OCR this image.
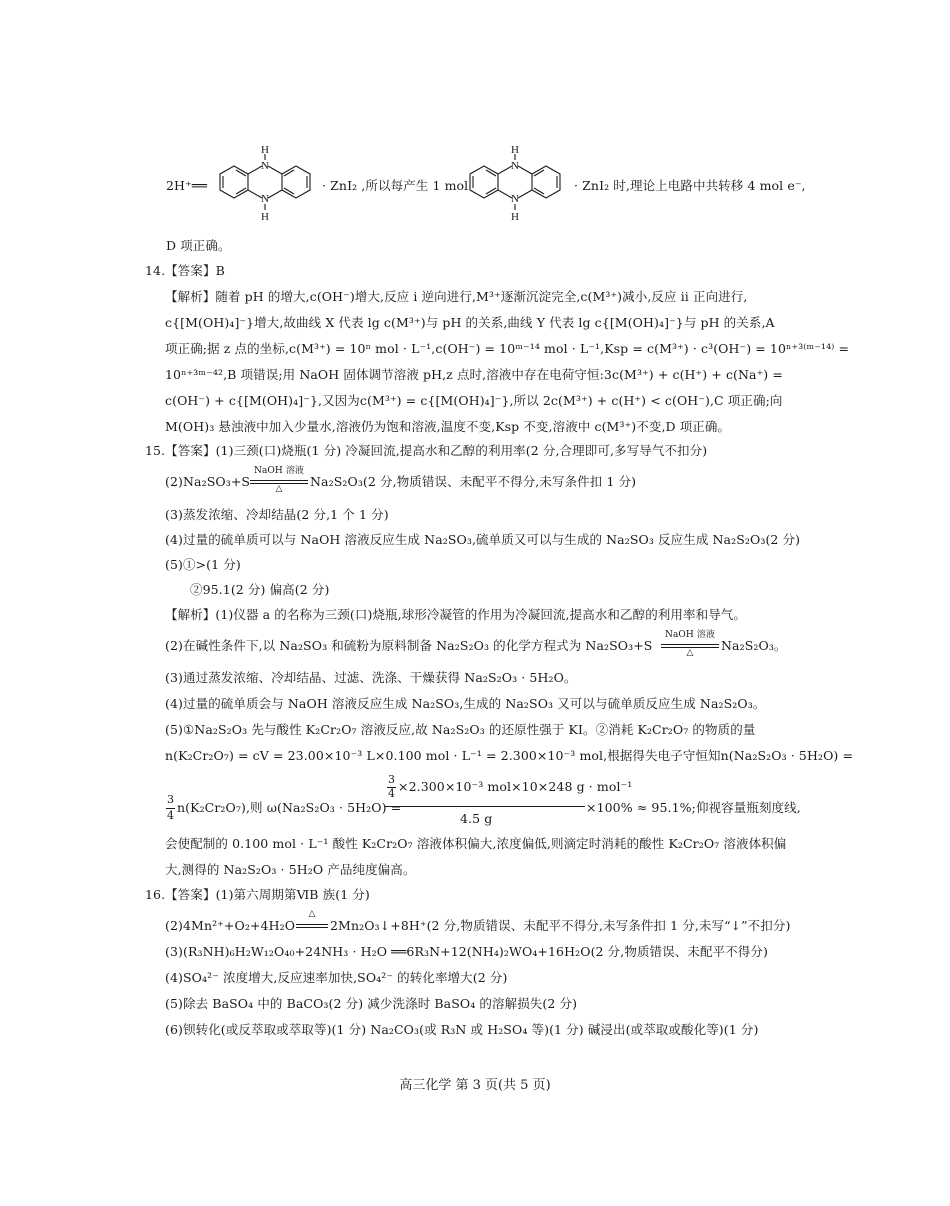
2H⁺══
H
N
N
H
· ZnI₂ ,所以每产生 1 mol
H
N
N
H
· ZnI₂ 时,理论上电路中共转移 4 mol e⁻,
D 项正确。
14.【答案】B
【解析】随着 pH 的增大,c(OH⁻)增大,反应 i 逆向进行,M³⁺逐渐沉淀完全,c(M³⁺)减小,反应 ii 正向进行,
c{[M(OH)₄]⁻}增大,故曲线 X 代表 lg c(M³⁺)与 pH 的关系,曲线 Y 代表 lg c{[M(OH)₄]⁻}与 pH 的关系,A
项正确;据 z 点的坐标,c(M³⁺) = 10ⁿ mol · L⁻¹,c(OH⁻) = 10ᵐ⁻¹⁴ mol · L⁻¹,Ksp = c(M³⁺) · c³(OH⁻) = 10ⁿ⁺³⁽ᵐ⁻¹⁴⁾ =
10ⁿ⁺³ᵐ⁻⁴²,B 项错误;用 NaOH 固体调节溶液 pH,z 点时,溶液中存在电荷守恒:3c(M³⁺) + c(H⁺) + c(Na⁺) =
c(OH⁻) + c{[M(OH)₄]⁻},又因为c(M³⁺) = c{[M(OH)₄]⁻},所以 2c(M³⁺) + c(H⁺) < c(OH⁻),C 项正确;向
M(OH)₃ 悬浊液中加入少量水,溶液仍为饱和溶液,温度不变,Ksp 不变,溶液中 c(M³⁺)不变,D 项正确。
15.【答案】(1)三颈(口)烧瓶(1 分) 冷凝回流,提高水和乙醇的利用率(2 分,合理即可,多写导气不扣分)
(2)Na₂SO₃+S
NaOH 溶液
△	Na₂S₂O₃(2 分,物质错误、未配平不得分,未写条件扣 1 分)
(3)蒸发浓缩、冷却结晶(2 分,1 个 1 分)
(4)过量的硫单质可以与 NaOH 溶液反应生成 Na₂SO₃,硫单质又可以与生成的 Na₂SO₃ 反应生成 Na₂S₂O₃(2 分)
(5)①>(1 分)
②95.1(2 分) 偏高(2 分)
【解析】(1)仪器 a 的名称为三颈(口)烧瓶,球形冷凝管的作用为冷凝回流,提高水和乙醇的利用率和导气。
(2)在碱性条件下,以 Na₂SO₃ 和硫粉为原料制备 Na₂S₂O₃ 的化学方程式为 Na₂SO₃+S
NaOH 溶液
△	Na₂S₂O₃。
(3)通过蒸发浓缩、冷却结晶、过滤、洗涤、干燥获得 Na₂S₂O₃ · 5H₂O。
(4)过量的硫单质会与 NaOH 溶液反应生成 Na₂SO₃,生成的 Na₂SO₃ 又可以与硫单质反应生成 Na₂S₂O₃。
(5)①Na₂S₂O₃ 先与酸性 K₂Cr₂O₇ 溶液反应,故 Na₂S₂O₃ 的还原性强于 KI。②消耗 K₂Cr₂O₇ 的物质的量
n(K₂Cr₂O₇) = cV = 23.00×10⁻³ L×0.100 mol · L⁻¹ = 2.300×10⁻³ mol,根据得失电子守恒知n(Na₂S₂O₃ · 5H₂O) =
3
4
n(K₂Cr₂O₇),则 ω(Na₂S₂O₃ · 5H₂O) =
3
4 ×2.300×10⁻³ mol×10×248 g · mol⁻¹
4.5 g
×100% ≈ 95.1%;仰视容量瓶刻度线,
会使配制的 0.100 mol · L⁻¹ 酸性 K₂Cr₂O₇ 溶液体积偏大,浓度偏低,则滴定时消耗的酸性 K₂Cr₂O₇ 溶液体积偏
大,测得的 Na₂S₂O₃ · 5H₂O 产品纯度偏高。
16.【答案】(1)第六周期第ⅥB 族(1 分)
(2)4Mn²⁺+O₂+4H₂O
△
2Mn₂O₃↓+8H⁺(2 分,物质错误、未配平不得分,未写条件扣 1 分,未写“↓”不扣分)
(3)(R₃NH)₆H₂W₁₂O₄₀+24NH₃ · H₂O ══6R₃N+12(NH₄)₂WO₄+16H₂O(2 分,物质错误、未配平不得分)
(4)SO₄²⁻ 浓度增大,反应速率加快,SO₄²⁻ 的转化率增大(2 分)
(5)除去 BaSO₄ 中的 BaCO₃(2 分) 减少洗涤时 BaSO₄ 的溶解损失(2 分)
(6)钡转化(或反萃取或萃取等)(1 分) Na₂CO₃(或 R₃N 或 H₂SO₄ 等)(1 分) 碱浸出(或萃取或酸化等)(1 分)
高三化学 第 3 页(共 5 页)
